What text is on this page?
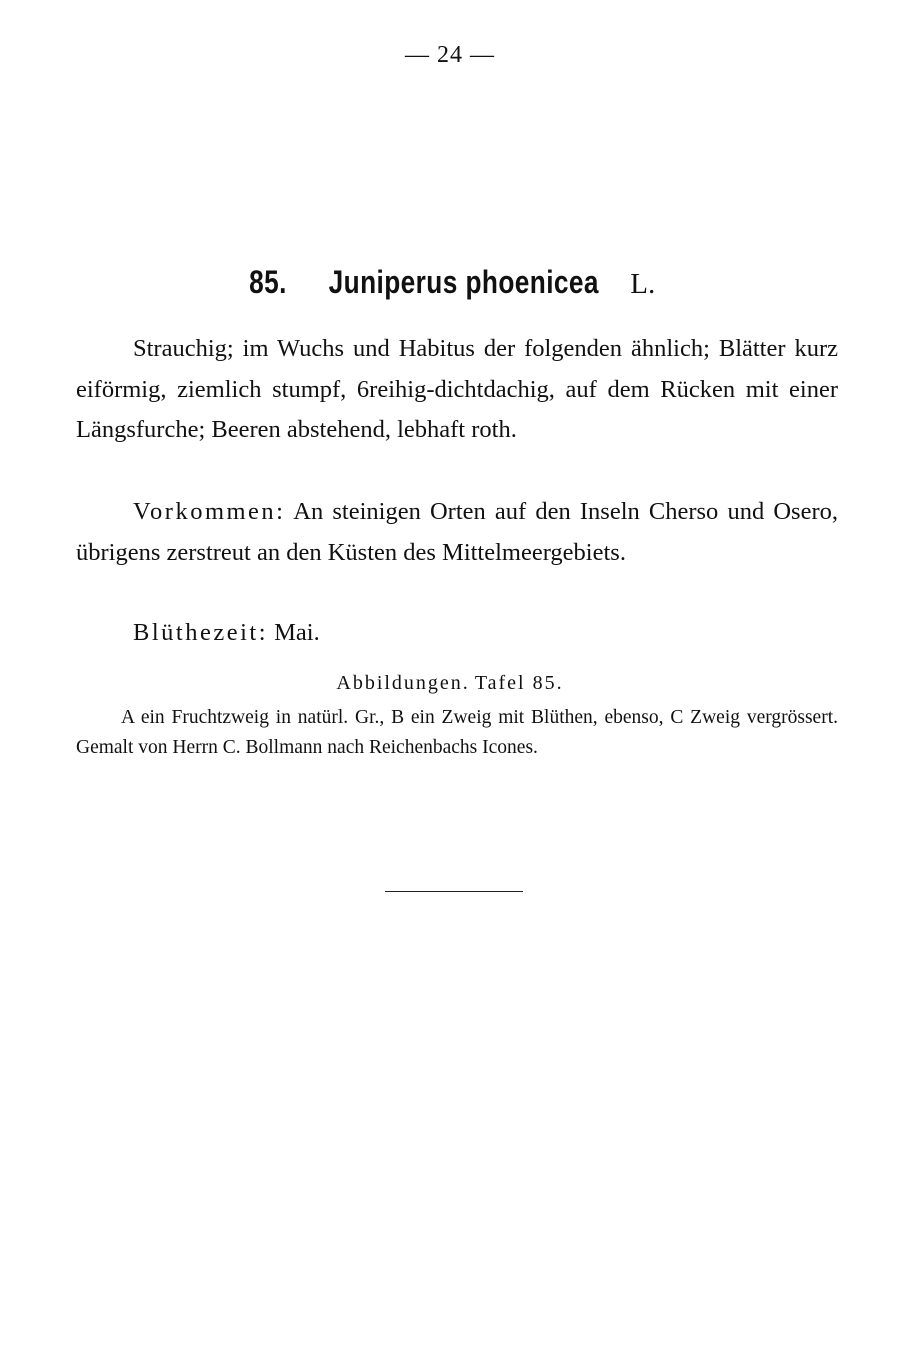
— 24 —
85. Juniperus phoenicea L.
Strauchig; im Wuchs und Habitus der folgenden ähnlich; Blätter kurz eiförmig, ziemlich stumpf, 6reihig-dichtdachig, auf dem Rücken mit einer Längsfurche; Beeren abstehend, lebhaft roth.
Vorkommen: An steinigen Orten auf den Inseln Cherso und Osero, übrigens zerstreut an den Küsten des Mittelmeergebiets.
Blüthezeit: Mai.
Abbildungen. Tafel 85.
A ein Fruchtzweig in natürl. Gr., B ein Zweig mit Blüthen, ebenso, C Zweig vergrössert. Gemalt von Herrn C. Bollmann nach Reichenbachs Icones.
